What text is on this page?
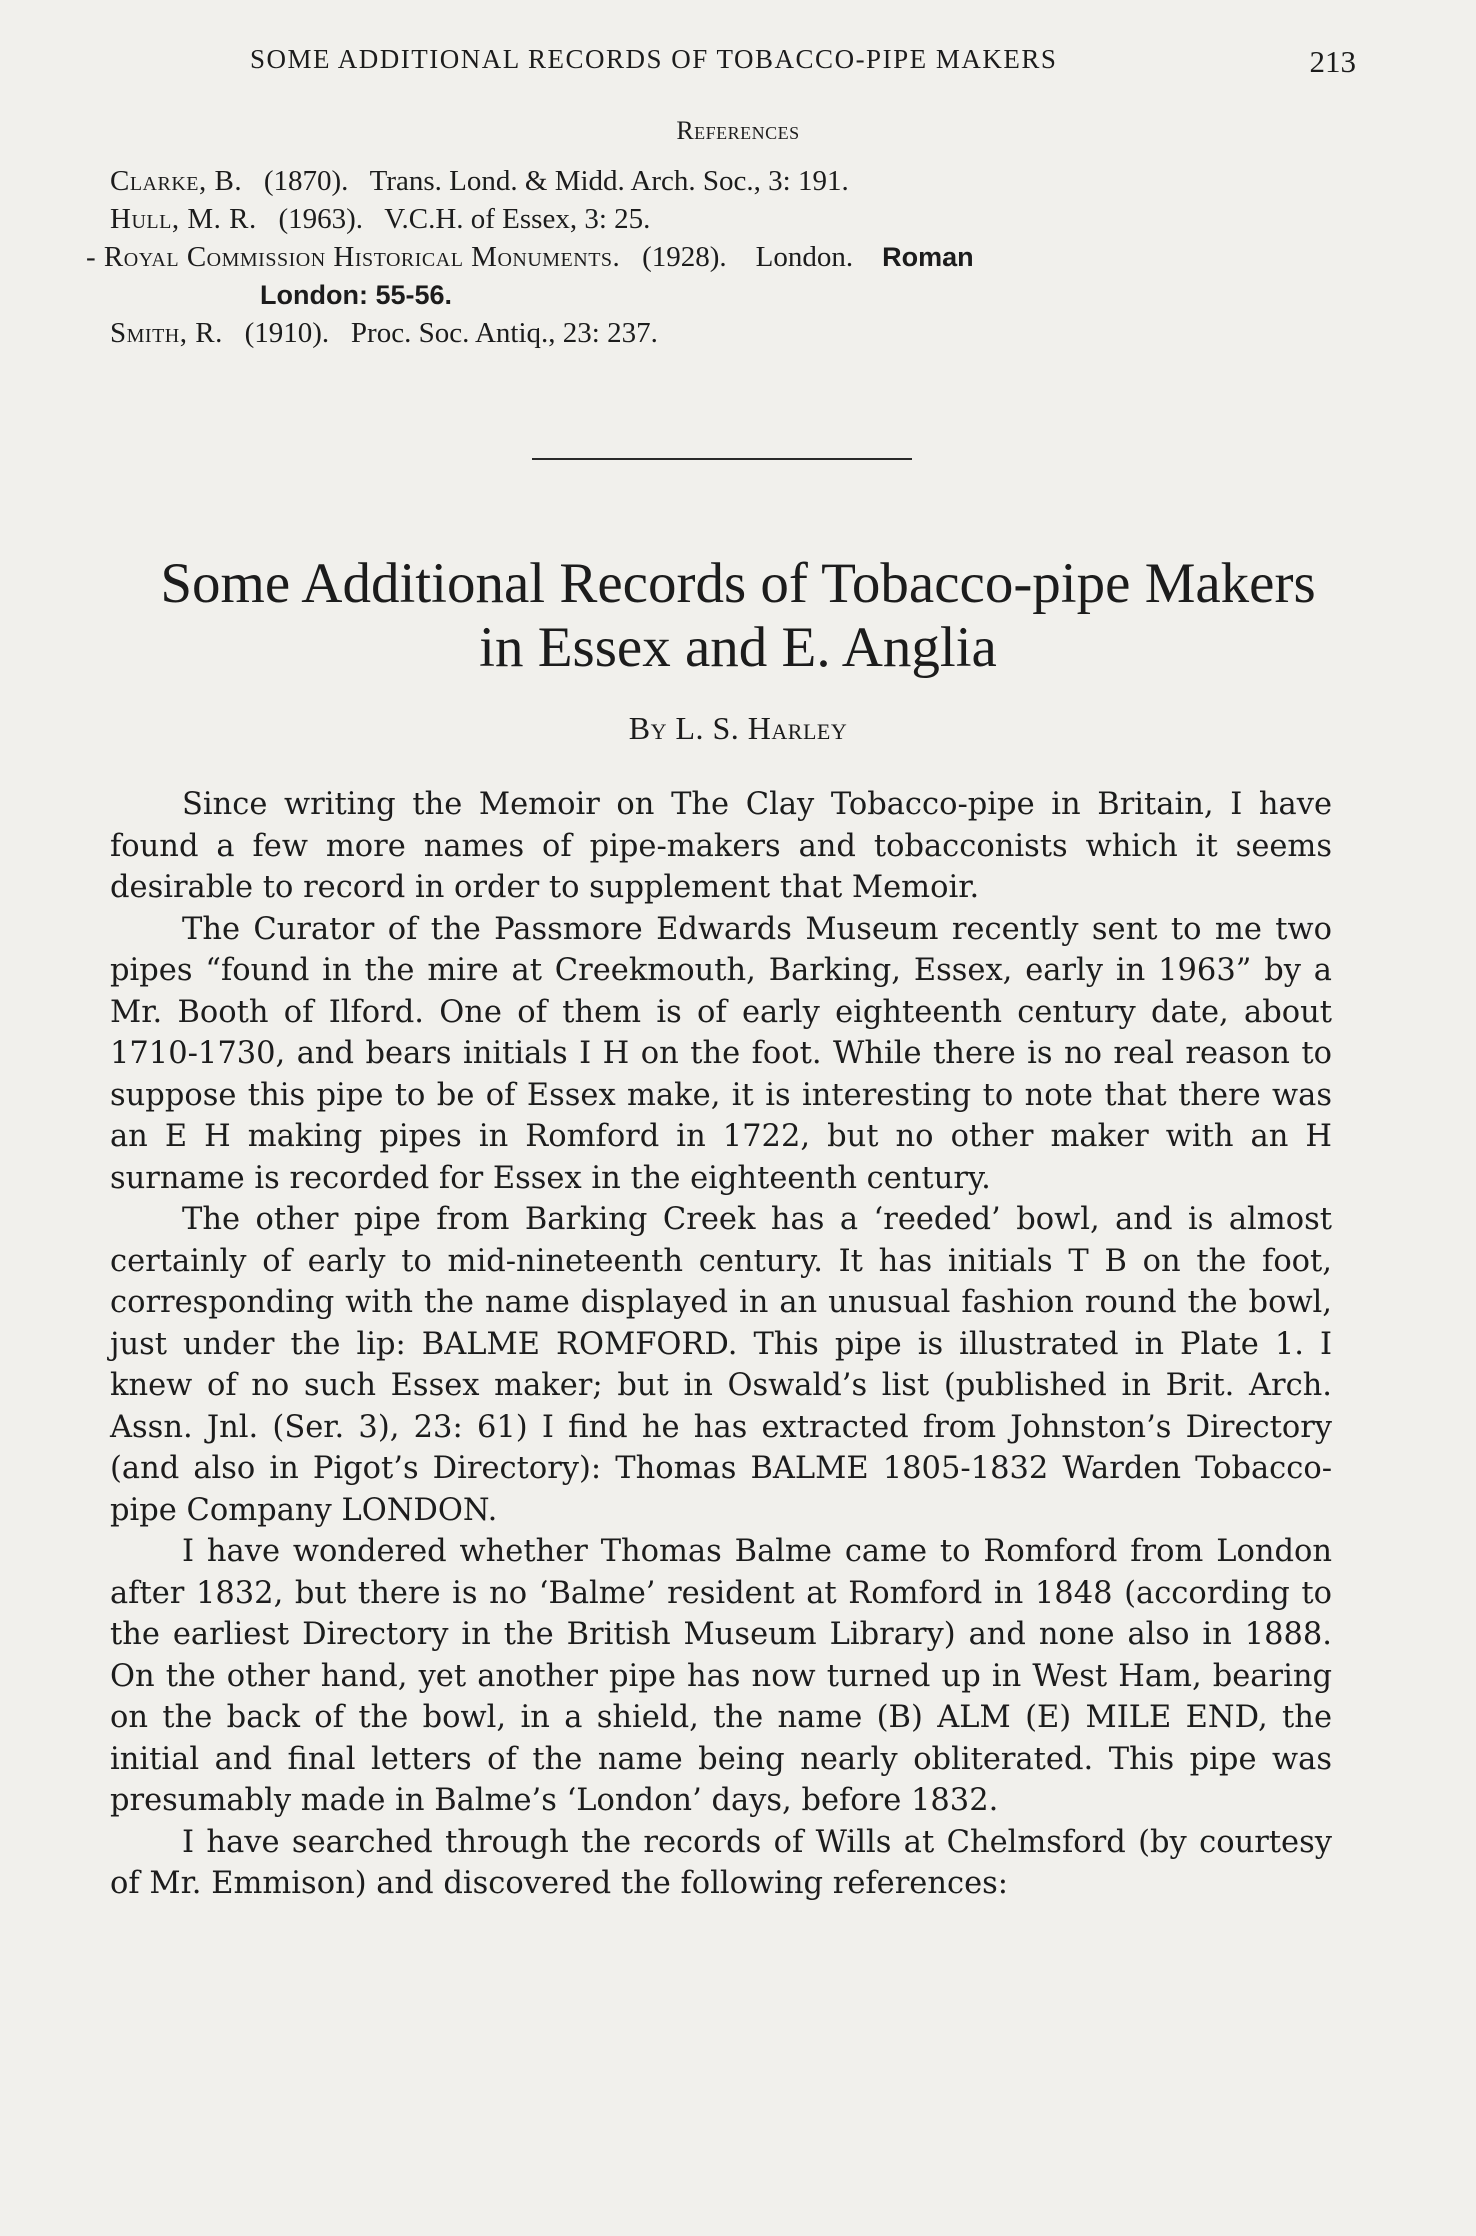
SOME ADDITIONAL RECORDS OF TOBACCO-PIPE MAKERS	213
References

Clarke, B. (1870). Trans. Lond. & Midd. Arch. Soc., 3: 191.

Hull, M. R. (1963). V.C.H. of Essex, 3: 25.

- Royal Commission Historical Monuments. (1928). London. Roman

London: 55-56.

Smith, R. (1910). Proc. Soc. Antiq., 23: 237.

Some Additional Records of Tobacco-pipe Makers
in Essex and E. Anglia
By L. S. Harley

Since writing the Memoir on The Clay Tobacco-pipe in Britain, I have found a few more names of pipe-makers and tobacconists which it seems desirable to record in order to supplement that Memoir.

The Curator of the Passmore Edwards Museum recently sent to me two pipes “found in the mire at Creekmouth, Barking, Essex, early in 1963” by a Mr. Booth of Ilford. One of them is of early eighteenth century date, about 1710-1730, and bears initials I H on the foot. While there is no real reason to suppose this pipe to be of Essex make, it is interesting to note that there was an E H making pipes in Romford in 1722, but no other maker with an H surname is recorded for Essex in the eighteenth century.

The other pipe from Barking Creek has a ‘reeded’ bowl, and is almost certainly of early to mid-nineteenth century. It has initials T B on the foot, corresponding with the name displayed in an unusual fashion round the bowl, just under the lip: BALME ROMFORD. This pipe is illustrated in Plate 1. I knew of no such Essex maker; but in Oswald’s list (published in Brit. Arch. Assn. Jnl. (Ser. 3), 23: 61) I find he has extracted from Johnston’s Directory (and also in Pigot’s Directory): Thomas BALME 1805-1832 Warden Tobacco-pipe Company LONDON.

I have wondered whether Thomas Balme came to Romford from London after 1832, but there is no ‘Balme’ resident at Romford in 1848 (according to the earliest Directory in the British Museum Library) and none also in 1888. On the other hand, yet another pipe has now turned up in West Ham, bearing on the back of the bowl, in a shield, the name (B) ALM (E) MILE END, the initial and final letters of the name being nearly obliterated. This pipe was presumably made in Balme’s ‘London’ days, before 1832.

I have searched through the records of Wills at Chelmsford (by courtesy of Mr. Emmison) and discovered the following references:
